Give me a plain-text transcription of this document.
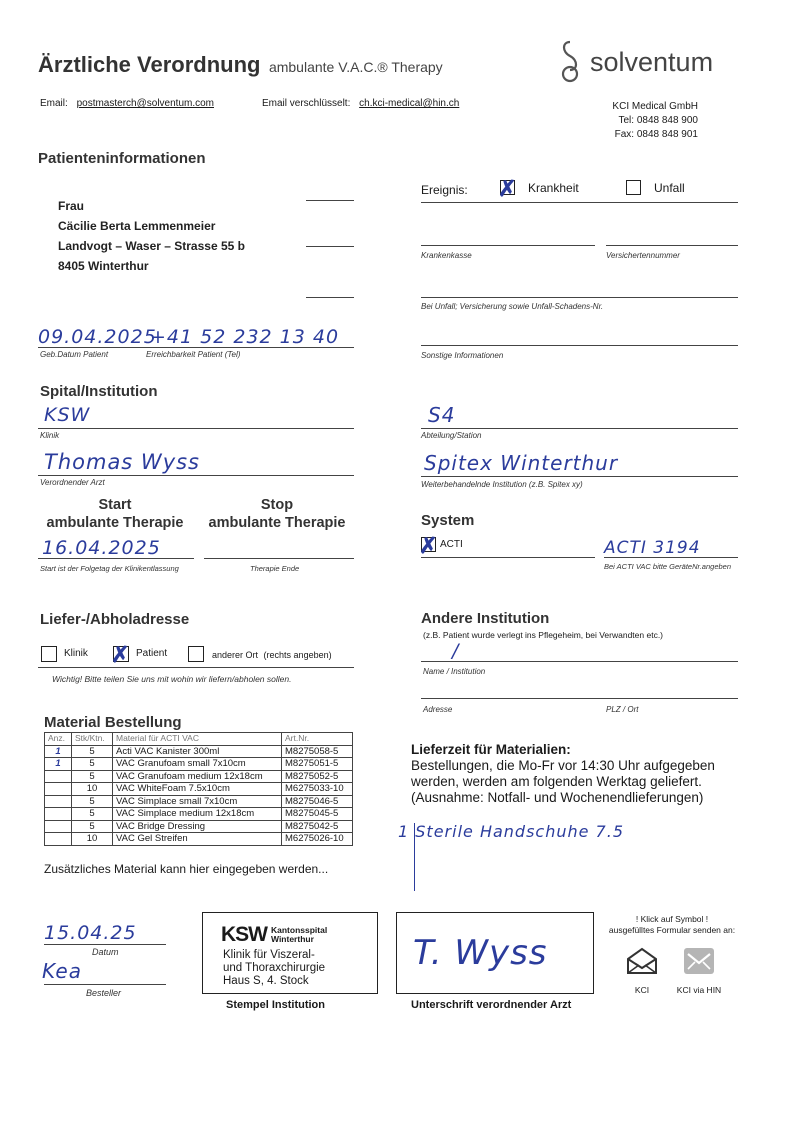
Ärztliche Verordnung ambulante V.A.C.® Therapy	solventum
Email: postmasterch@solventum.com	Email verschlüsselt: ch.kci-medical@hin.ch	KCI Medical GmbH
Tel: 0848 848 900
Fax: 0848 848 901
Patienteninformationen
Frau
Cäcilie Berta Lemmenmeier
Landvogt – Waser – Strasse 55 b
8405 Winterthur
09.04.2025
+41 52 232 13 40
Geb.Datum Patient	Erreichbarkeit Patient (Tel)
Ereignis: ✗ Krankheit	Unfall
Krankenkasse	Versichertennummer
Bei Unfall; Versicherung sowie Unfall-Schadens-Nr.
Sonstige Informationen
Spital/Institution
KSW
Klinik
Thomas Wyss
Verordnender Arzt
S4
Abteilung/Station
Spitex Winterthur
Weiterbehandelnde Institution (z.B. Spitex xy)
Start
ambulante Therapie
Stop
ambulante Therapie
16.04.2025
Start ist der Folgetag der Klinikentlassung	Therapie Ende
System
✗ ACTI	ACTI 3194
Bei ACTI VAC bitte GeräteNr.angeben
Liefer-/Abholadresse
Klinik ✗ Patient	anderer Ort (rechts angeben)
Wichtig! Bitte teilen Sie uns mit wohin wir liefern/abholen sollen.
Andere Institution
(z.B. Patient wurde verlegt ins Pflegeheim, bei Verwandten etc.)
/
Name / Institution
Adresse	PLZ / Ort
Material Bestellung
Anz.	Stk/Ktn.	Material für ACTI VAC	Art.Nr.
1	5	Acti VAC Kanister 300ml	M8275058-5
1	5	VAC Granufoam small 7x10cm	M8275051-5
	5	VAC Granufoam medium 12x18cm	M8275052-5
	10	VAC WhiteFoam 7.5x10cm	M6275033-10
	5	VAC Simplace small 7x10cm	M8275046-5
	5	VAC Simplace medium 12x18cm	M8275045-5
	5	VAC Bridge Dressing	M8275042-5
	10	VAC Gel Streifen	M6275026-10
Zusätzliches Material kann hier eingegeben werden...
1 Sterile Handschuhe 7.5
Lieferzeit für Materialien:
Bestellungen, die Mo-Fr vor 14:30 Uhr aufgegeben
werden, werden am folgenden Werktag geliefert.
(Ausnahme: Notfall- und Wochenendlieferungen)
15.04.25
Datum
Kea
Besteller
KSW Kantonsspital
Winterthur
Klinik für Viszeral-
und Thoraxchirurgie
Haus S, 4. Stock
Stempel Institution
T. Wyss
Unterschrift verordnender Arzt
! Klick auf Symbol !
ausgefülltes Formular senden an:
KCI	KCI via HIN
